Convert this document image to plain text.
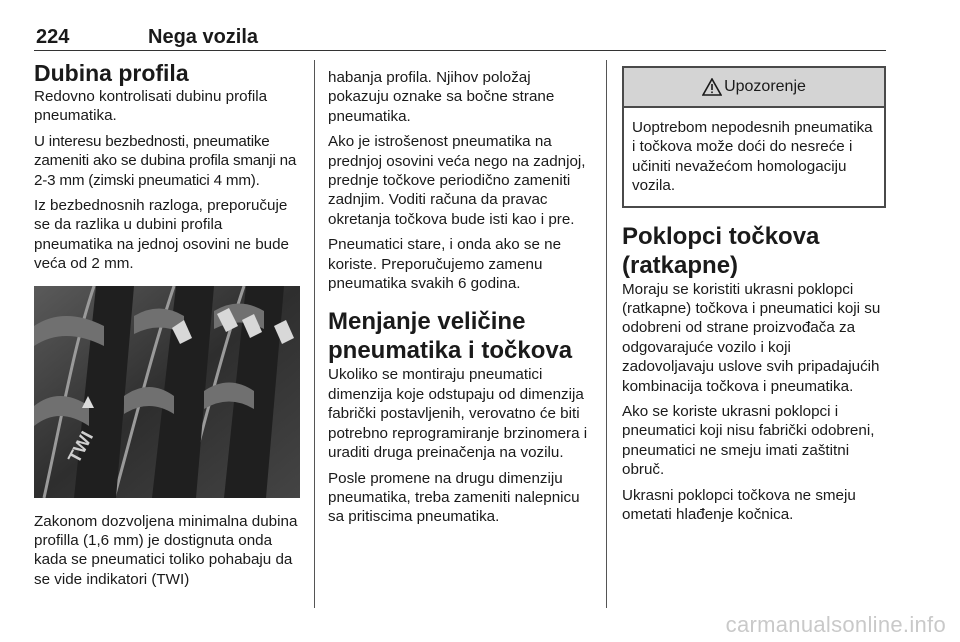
224	Nega vozila
Dubina profila

Redovno kontrolisati dubinu profila pneumatika.

U interesu bezbednosti, pneumatike zameniti ako se dubina profila smanji na 2-3 mm (zimski pneumatici 4 mm).

Iz bezbednosnih razloga, preporučuje se da razlika u dubini profila pneumatika na jednoj osovini ne bude veća od 2 mm.

TWI

Zakonom dozvoljena minimalna dubina profilla (1,6 mm) je dostignuta onda kada se pneumatici toliko pohabaju da se vide indikatori (TWI)

habanja profila. Njihov položaj pokazuju oznake sa bočne strane pneumatika.

Ako je istrošenost pneumatika na prednjoj osovini veća nego na zadnjoj, prednje točkove periodično zameniti zadnjim. Voditi računa da pravac okretanja točkova bude isti kao i pre.

Pneumatici stare, i onda ako se ne koriste. Preporučujemo zamenu pneumatika svakih 6 godina.

Menjanje veličine pneumatika i točkova

Ukoliko se montiraju pneumatici dimenzija koje odstupaju od dimenzija fabrički postavljenih, verovatno će biti potrebno reprogramiranje brzinomera i uraditi druga preinačenja na vozilu.

Posle promene na drugu dimenziju pneumatika, treba zameniti nalepnicu sa pritiscima pneumatika.

Upozorenje

Uoptrebom nepodesnih pneumatika i točkova može doći do nesreće i učiniti nevažećom homologaciju vozila.

Poklopci točkova (ratkapne)

Moraju se koristiti ukrasni poklopci (ratkapne) točkova i pneumatici koji su odobreni od strane proizvođača za odgovarajuće vozilo i koji zadovoljavaju uslove svih pripadajućih kombinacija točkova i pneumatika.

Ako se koriste ukrasni poklopci i pneumatici koji nisu fabrički odobreni, pneumatici ne smeju imati zaštitni obruč.

Ukrasni poklopci točkova ne smeju ometati hlađenje kočnica.

carmanualsonline.info
